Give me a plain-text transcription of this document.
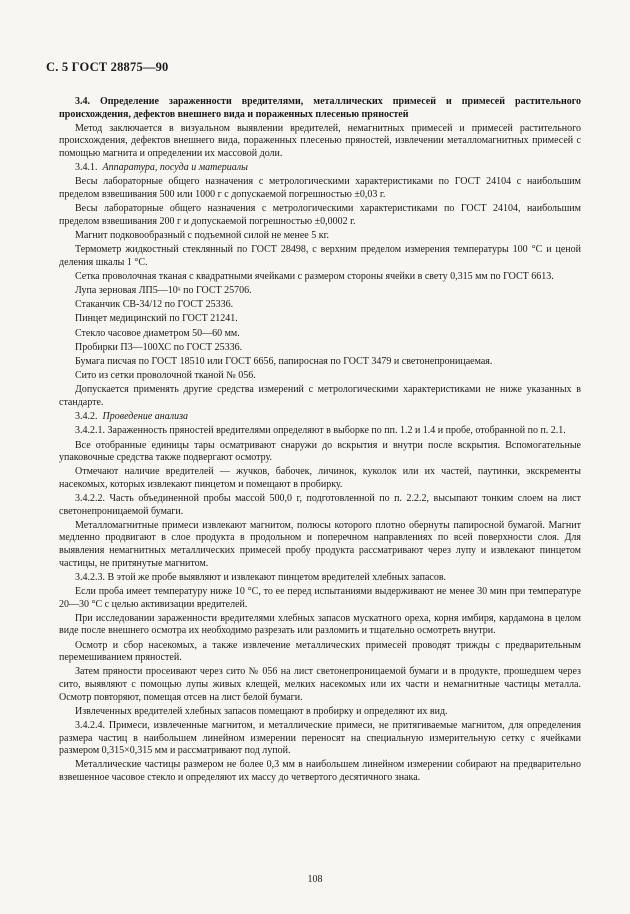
С. 5 ГОСТ 28875—90

3.4. Определение зараженности вредителями, металлических примесей и примесей растительного происхождения, дефектов внешнего вида и пораженных плесенью пряностей

Метод заключается в визуальном выявлении вредителей, немагнитных примесей и примесей растительного происхождения, дефектов внешнего вида, пораженных плесенью пряностей, извлечении металломагнитных примесей с помощью магнита и определении их массовой доли.

3.4.1. Аппаратура, посуда и материалы

Весы лабораторные общего назначения с метрологическими характеристиками по ГОСТ 24104 с наибольшим пределом взвешивания 500 или 1000 г с допускаемой погрешностью ±0,03 г.

Весы лабораторные общего назначения с метрологическими характеристиками по ГОСТ 24104, наибольшим пределом взвешивания 200 г и допускаемой погрешностью ±0,0002 г.

Магнит подковообразный с подъемной силой не менее 5 кг.

Термометр жидкостный стеклянный по ГОСТ 28498, с верхним пределом измерения температуры 100 °С и ценой деления шкалы 1 °С.

Сетка проволочная тканая с квадратными ячейками с размером стороны ячейки в свету 0,315 мм по ГОСТ 6613.

Лупа зерновая ЛП5—10ˣ по ГОСТ 25706.

Стаканчик СВ-34/12 по ГОСТ 25336.

Пинцет медицинский по ГОСТ 21241.

Стекло часовое диаметром 50—60 мм.

Пробирки П3—100ХС по ГОСТ 25336.

Бумага писчая по ГОСТ 18510 или ГОСТ 6656, папиросная по ГОСТ 3479 и светонепроницаемая.

Сито из сетки проволочной тканой № 056.

Допускается применять другие средства измерений с метрологическими характеристиками не ниже указанных в стандарте.

3.4.2. Проведение анализа

3.4.2.1. Зараженность пряностей вредителями определяют в выборке по пп. 1.2 и 1.4 и пробе, отобранной по п. 2.1.

Все отобранные единицы тары осматривают снаружи до вскрытия и внутри после вскрытия. Вспомогательные упаковочные средства также подвергают осмотру.

Отмечают наличие вредителей — жучков, бабочек, личинок, куколок или их частей, паутинки, экскременты насекомых, которых извлекают пинцетом и помещают в пробирку.

3.4.2.2. Часть объединенной пробы массой 500,0 г, подготовленной по п. 2.2.2, высыпают тонким слоем на лист светонепроницаемой бумаги.

Металломагнитные примеси извлекают магнитом, полюсы которого плотно обернуты папиросной бумагой. Магнит медленно продвигают в слое продукта в продольном и поперечном направлениях по всей поверхности слоя. Для выявления немагнитных металлических примесей пробу продукта рассматривают через лупу и извлекают пинцетом частицы, не притянутые магнитом.

3.4.2.3. В этой же пробе выявляют и извлекают пинцетом вредителей хлебных запасов.

Если проба имеет температуру ниже 10 °С, то ее перед испытаниями выдерживают не менее 30 мин при температуре 20—30 °С с целью активизации вредителей.

При исследовании зараженности вредителями хлебных запасов мускатного ореха, корня имбиря, кардамона в целом виде после внешнего осмотра их необходимо разрезать или разломить и тщательно осмотреть внутри.

Осмотр и сбор насекомых, а также извлечение металлических примесей проводят трижды с предварительным перемешиванием пряностей.

Затем пряности просеивают через сито № 056 на лист светонепроницаемой бумаги и в продукте, прошедшем через сито, выявляют с помощью лупы живых клещей, мелких насекомых или их части и немагнитные частицы металла. Осмотр повторяют, помещая отсев на лист белой бумаги.

Извлеченных вредителей хлебных запасов помещают в пробирку и определяют их вид.

3.4.2.4. Примеси, извлеченные магнитом, и металлические примеси, не притягиваемые магнитом, для определения размера частиц в наибольшем линейном измерении переносят на специальную измерительную сетку с ячейками размером 0,315×0,315 мм и рассматривают под лупой.

Металлические частицы размером не более 0,3 мм в наибольшем линейном измерении собирают на предварительно взвешенное часовое стекло и определяют их массу до четвертого десятичного знака.

108
